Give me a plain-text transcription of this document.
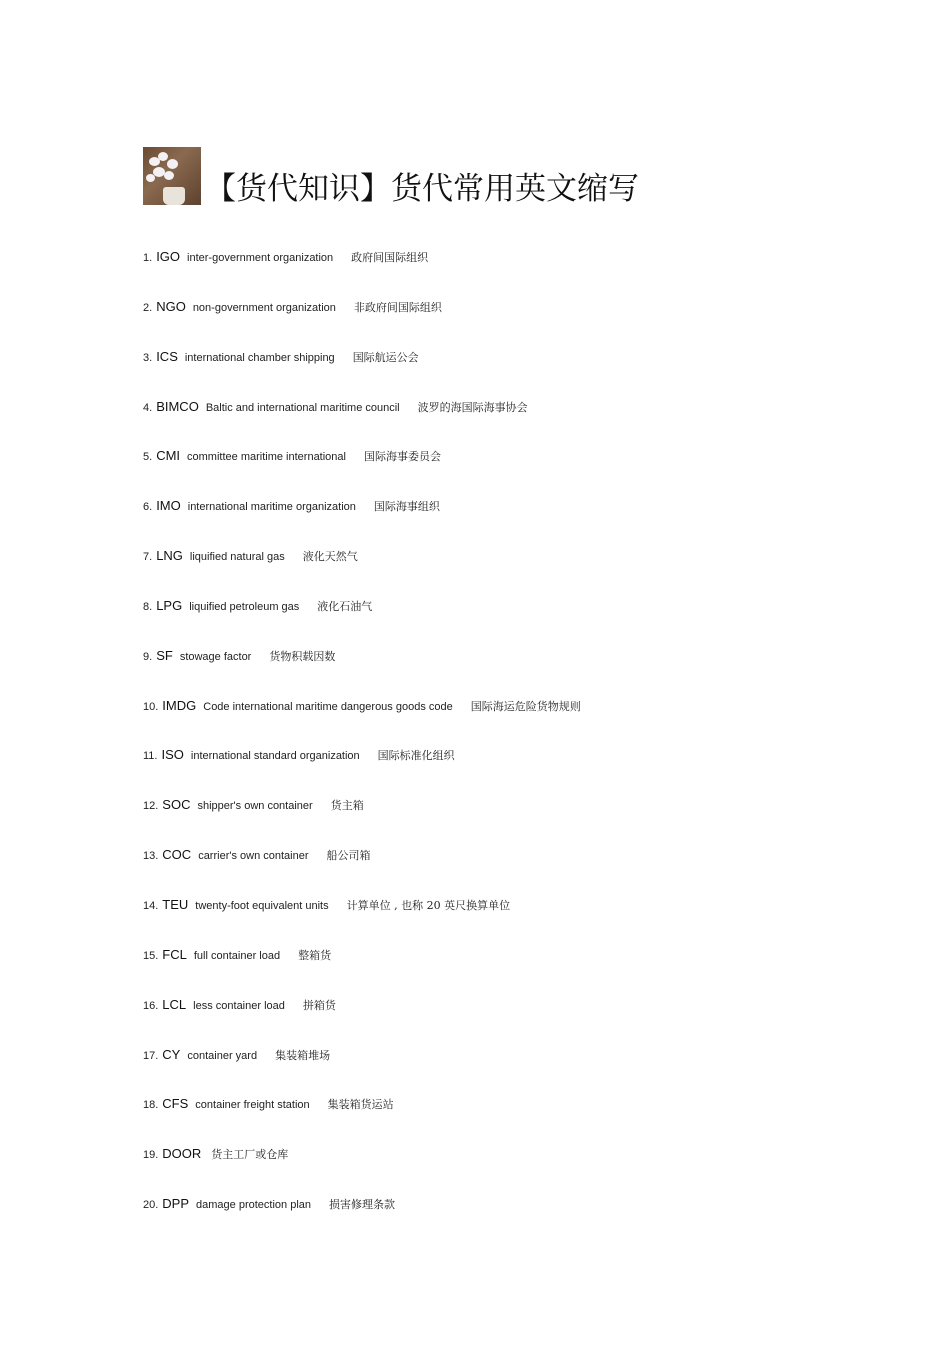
【货代知识】货代常用英文缩写
1. IGO inter-government organization 政府间国际组织
2. NGO non-government organization 非政府间国际组织
3. ICS international chamber shipping 国际航运公会
4. BIMCO Baltic and international maritime council 波罗的海国际海事协会
5. CMI committee maritime international 国际海事委员会
6. IMO international maritime organization 国际海事组织
7. LNG liquified natural gas 液化天然气
8. LPG liquified petroleum gas 液化石油气
9. SF stowage factor 货物积载因数
10. IMDG Code international maritime dangerous goods code 国际海运危险货物规则
11. ISO international standard organization 国际标准化组织
12. SOC shipper's own container 货主箱
13. COC carrier's own container 船公司箱
14. TEU twenty-foot equivalent units 计算单位 , 也称 20 英尺换算单位
15. FCL full container load 整箱货
16. LCL less container load 拼箱货
17. CY container yard 集装箱堆场
18. CFS container freight station 集装箱货运站
19. DOOR 货主工厂或仓库
20. DPP damage protection plan 损害修理条款
